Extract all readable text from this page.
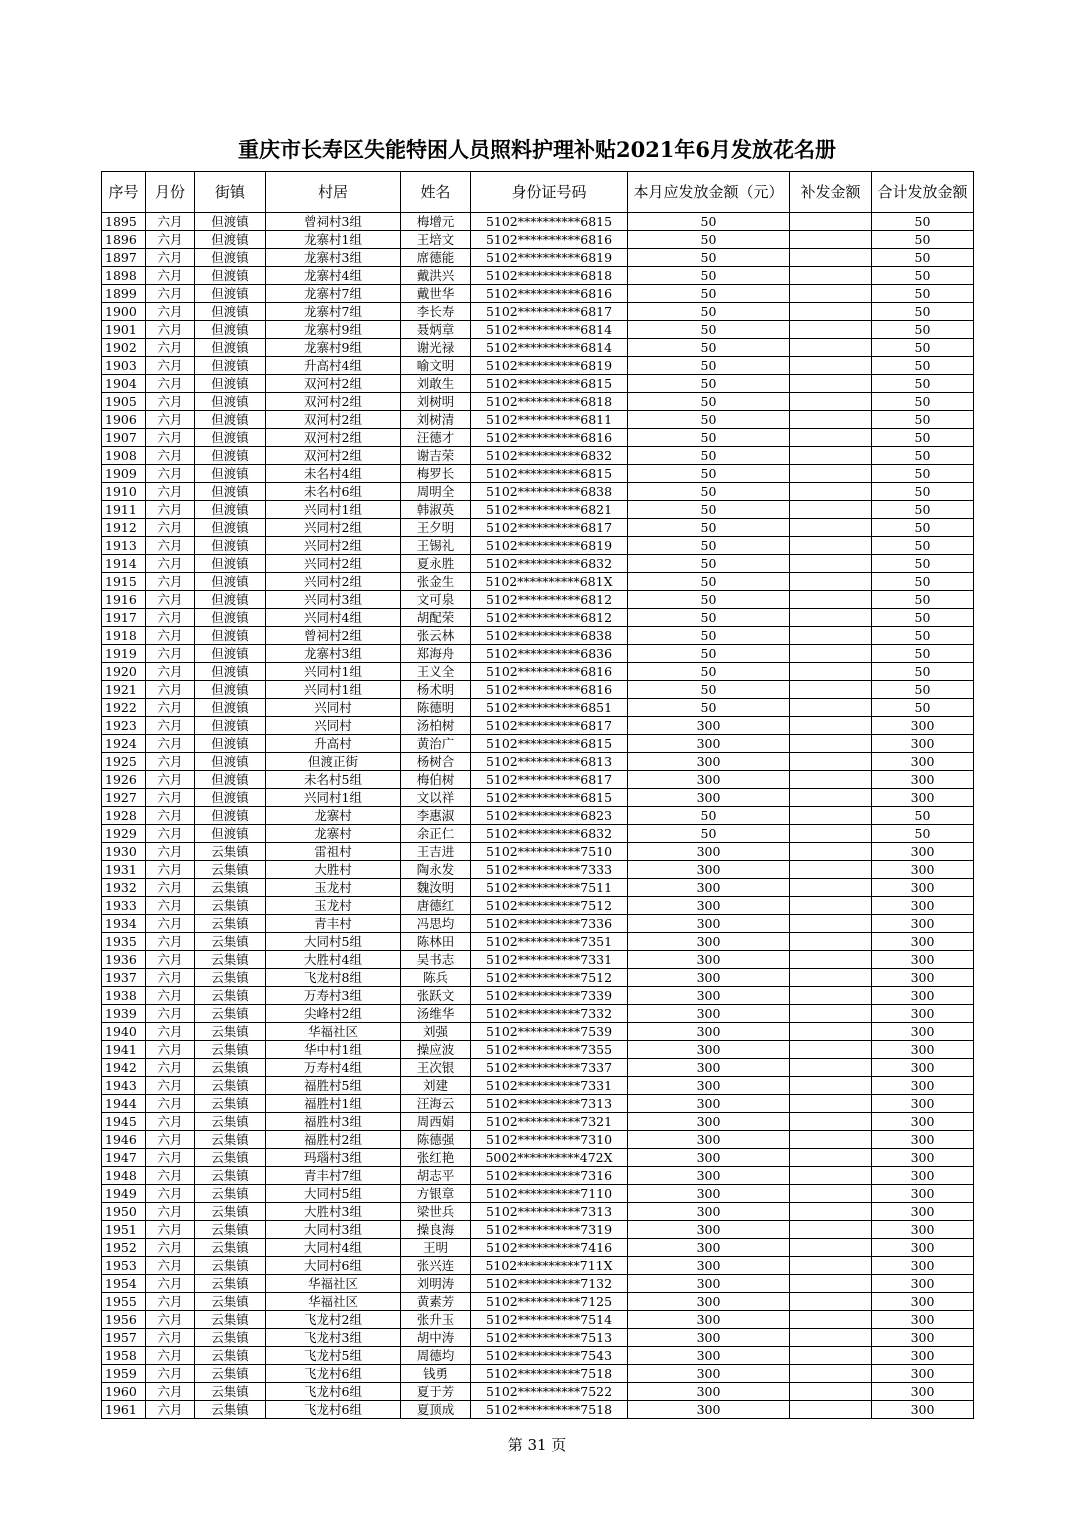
重庆市长寿区失能特困人员照料护理补贴2021年6月发放花名册
序号	月份	街镇	村居	姓名	身份证号码	本月应发放金额（元）	补发金额	合计发放金额
1895	六月	但渡镇	曾祠村3组	梅增元	5102**********6815	50		50
1896	六月	但渡镇	龙寨村1组	王培文	5102**********6816	50		50
1897	六月	但渡镇	龙寨村3组	席德能	5102**********6819	50		50
1898	六月	但渡镇	龙寨村4组	戴洪兴	5102**********6818	50		50
1899	六月	但渡镇	龙寨村7组	戴世华	5102**********6816	50		50
1900	六月	但渡镇	龙寨村7组	李长寿	5102**********6817	50		50
1901	六月	但渡镇	龙寨村9组	聂炳章	5102**********6814	50		50
1902	六月	但渡镇	龙寨村9组	谢光禄	5102**********6814	50		50
1903	六月	但渡镇	升高村4组	喻文明	5102**********6819	50		50
1904	六月	但渡镇	双河村2组	刘敢生	5102**********6815	50		50
1905	六月	但渡镇	双河村2组	刘树明	5102**********6818	50		50
1906	六月	但渡镇	双河村2组	刘树清	5102**********6811	50		50
1907	六月	但渡镇	双河村2组	汪德才	5102**********6816	50		50
1908	六月	但渡镇	双河村2组	谢吉荣	5102**********6832	50		50
1909	六月	但渡镇	未名村4组	梅罗长	5102**********6815	50		50
1910	六月	但渡镇	未名村6组	周明全	5102**********6838	50		50
1911	六月	但渡镇	兴同村1组	韩淑英	5102**********6821	50		50
1912	六月	但渡镇	兴同村2组	王夕明	5102**********6817	50		50
1913	六月	但渡镇	兴同村2组	王锡礼	5102**********6819	50		50
1914	六月	但渡镇	兴同村2组	夏永胜	5102**********6832	50		50
1915	六月	但渡镇	兴同村2组	张金生	5102**********681X	50		50
1916	六月	但渡镇	兴同村3组	文可泉	5102**********6812	50		50
1917	六月	但渡镇	兴同村4组	胡配荣	5102**********6812	50		50
1918	六月	但渡镇	曾祠村2组	张云林	5102**********6838	50		50
1919	六月	但渡镇	龙寨村3组	郑海舟	5102**********6836	50		50
1920	六月	但渡镇	兴同村1组	王义全	5102**********6816	50		50
1921	六月	但渡镇	兴同村1组	杨术明	5102**********6816	50		50
1922	六月	但渡镇	兴同村	陈德明	5102**********6851	50		50
1923	六月	但渡镇	兴同村	汤柏树	5102**********6817	300		300
1924	六月	但渡镇	升高村	黄治广	5102**********6815	300		300
1925	六月	但渡镇	但渡正街	杨树合	5102**********6813	300		300
1926	六月	但渡镇	未名村5组	梅伯树	5102**********6817	300		300
1927	六月	但渡镇	兴同村1组	文以祥	5102**********6815	300		300
1928	六月	但渡镇	龙寨村	李惠淑	5102**********6823	50		50
1929	六月	但渡镇	龙寨村	余正仁	5102**********6832	50		50
1930	六月	云集镇	雷祖村	王吉进	5102**********7510	300		300
1931	六月	云集镇	大胜村	陶永发	5102**********7333	300		300
1932	六月	云集镇	玉龙村	魏汝明	5102**********7511	300		300
1933	六月	云集镇	玉龙村	唐德红	5102**********7512	300		300
1934	六月	云集镇	青丰村	冯思均	5102**********7336	300		300
1935	六月	云集镇	大同村5组	陈林田	5102**********7351	300		300
1936	六月	云集镇	大胜村4组	吴书志	5102**********7331	300		300
1937	六月	云集镇	飞龙村8组	陈兵	5102**********7512	300		300
1938	六月	云集镇	万寿村3组	张跃文	5102**********7339	300		300
1939	六月	云集镇	尖峰村2组	汤维华	5102**********7332	300		300
1940	六月	云集镇	华福社区	刘强	5102**********7539	300		300
1941	六月	云集镇	华中村1组	操应波	5102**********7355	300		300
1942	六月	云集镇	万寿村4组	王次银	5102**********7337	300		300
1943	六月	云集镇	福胜村5组	刘建	5102**********7331	300		300
1944	六月	云集镇	福胜村1组	汪海云	5102**********7313	300		300
1945	六月	云集镇	福胜村3组	周西娟	5102**********7321	300		300
1946	六月	云集镇	福胜村2组	陈德强	5102**********7310	300		300
1947	六月	云集镇	玛瑙村3组	张红艳	5002**********472X	300		300
1948	六月	云集镇	青丰村7组	胡志平	5102**********7316	300		300
1949	六月	云集镇	大同村5组	方银章	5102**********7110	300		300
1950	六月	云集镇	大胜村3组	梁世兵	5102**********7313	300		300
1951	六月	云集镇	大同村3组	操良海	5102**********7319	300		300
1952	六月	云集镇	大同村4组	王明	5102**********7416	300		300
1953	六月	云集镇	大同村6组	张兴连	5102**********711X	300		300
1954	六月	云集镇	华福社区	刘明涛	5102**********7132	300		300
1955	六月	云集镇	华福社区	黄素芳	5102**********7125	300		300
1956	六月	云集镇	飞龙村2组	张升玉	5102**********7514	300		300
1957	六月	云集镇	飞龙村3组	胡中涛	5102**********7513	300		300
1958	六月	云集镇	飞龙村5组	周德均	5102**********7543	300		300
1959	六月	云集镇	飞龙村6组	钱勇	5102**********7518	300		300
1960	六月	云集镇	飞龙村6组	夏于芳	5102**********7522	300		300
1961	六月	云集镇	飞龙村6组	夏顶成	5102**********7518	300		300
第 31 页
